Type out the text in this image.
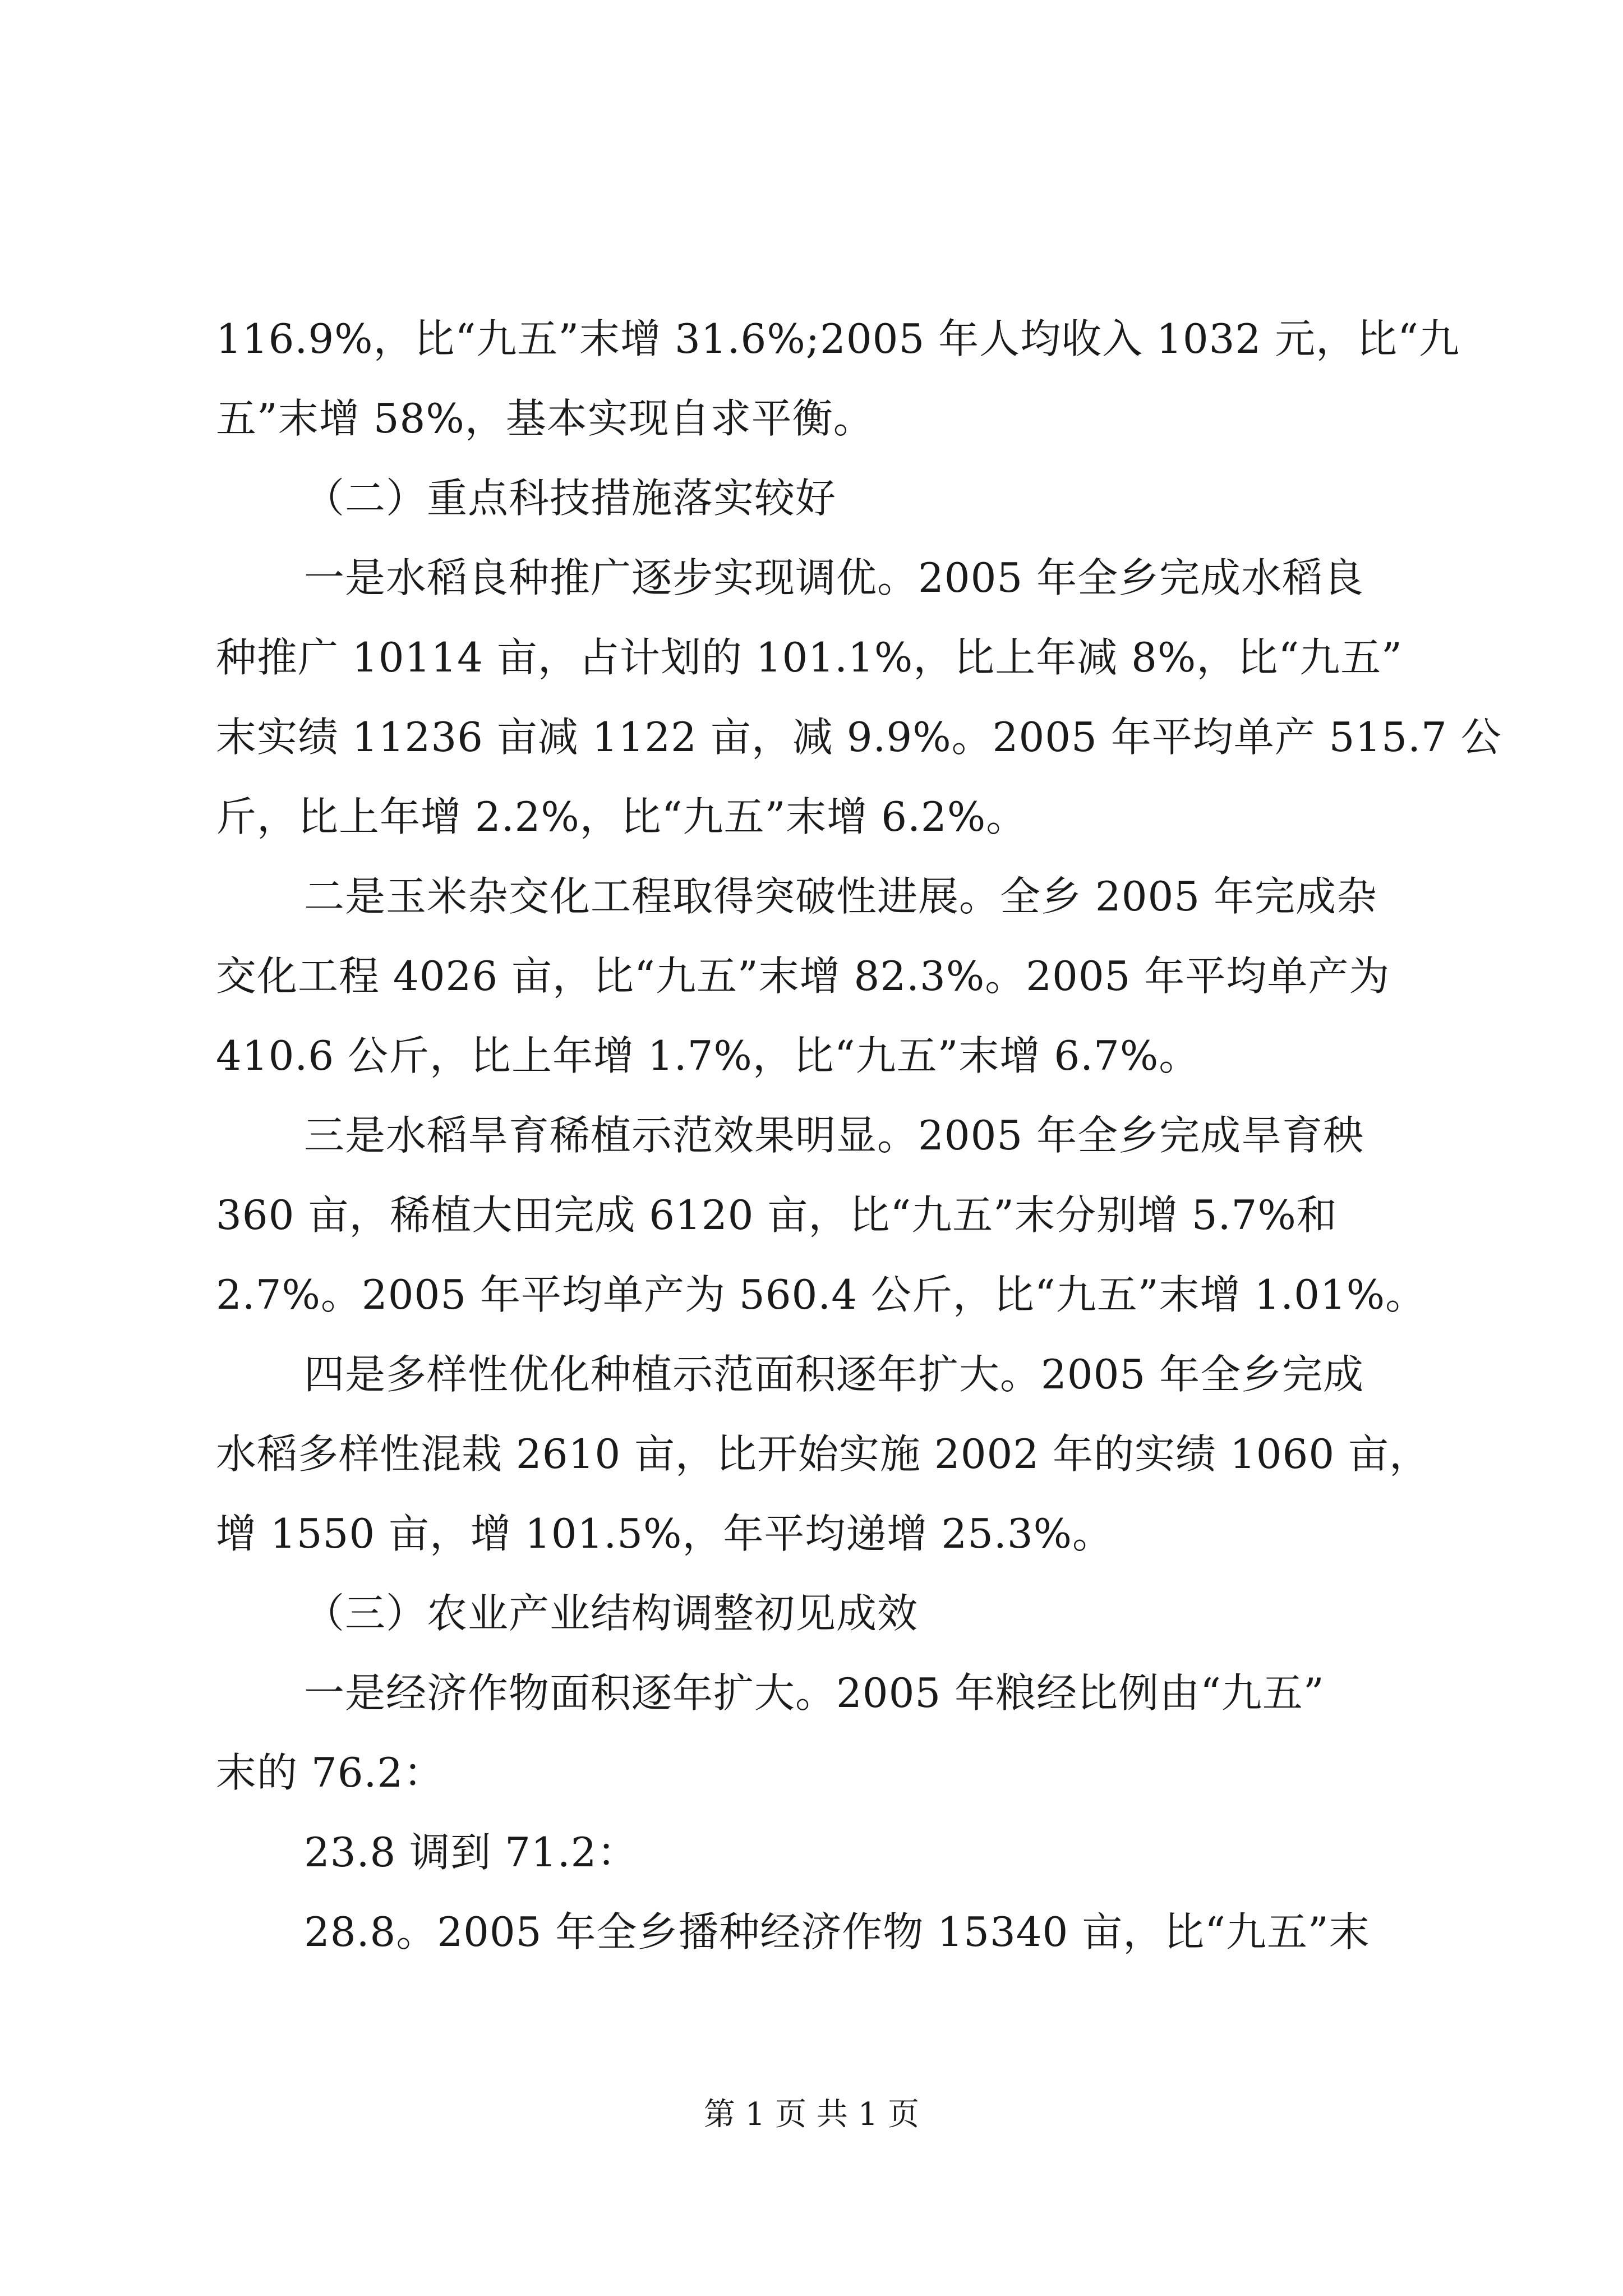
116.9%，比“九五”末增 31.6%;2005 年人均收入 1032 元，比“九
五”末增 58%，基本实现自求平衡。
（二）重点科技措施落实较好
一是水稻良种推广逐步实现调优。2005 年全乡完成水稻良
种推广 10114 亩，占计划的 101.1%，比上年减 8%，比“九五”
末实绩 11236 亩减 1122 亩，减 9.9%。2005 年平均单产 515.7 公
斤，比上年增 2.2%，比“九五”末增 6.2%。
二是玉米杂交化工程取得突破性进展。全乡 2005 年完成杂
交化工程 4026 亩，比“九五”末增 82.3%。2005 年平均单产为
410.6 公斤，比上年增 1.7%，比“九五”末增 6.7%。
三是水稻旱育稀植示范效果明显。2005 年全乡完成旱育秧
360 亩，稀植大田完成 6120 亩，比“九五”末分别增 5.7%和
2.7%。2005 年平均单产为 560.4 公斤，比“九五”末增 1.01%。
四是多样性优化种植示范面积逐年扩大。2005 年全乡完成
水稻多样性混栽 2610 亩，比开始实施 2002 年的实绩 1060 亩，
增 1550 亩，增 101.5%，年平均递增 25.3%。
（三）农业产业结构调整初见成效
一是经济作物面积逐年扩大。2005 年粮经比例由“九五”
末的 76.2：
23.8 调到 71.2：
28.8。2005 年全乡播种经济作物 15340 亩，比“九五”末
第 1 页 共 1 页
